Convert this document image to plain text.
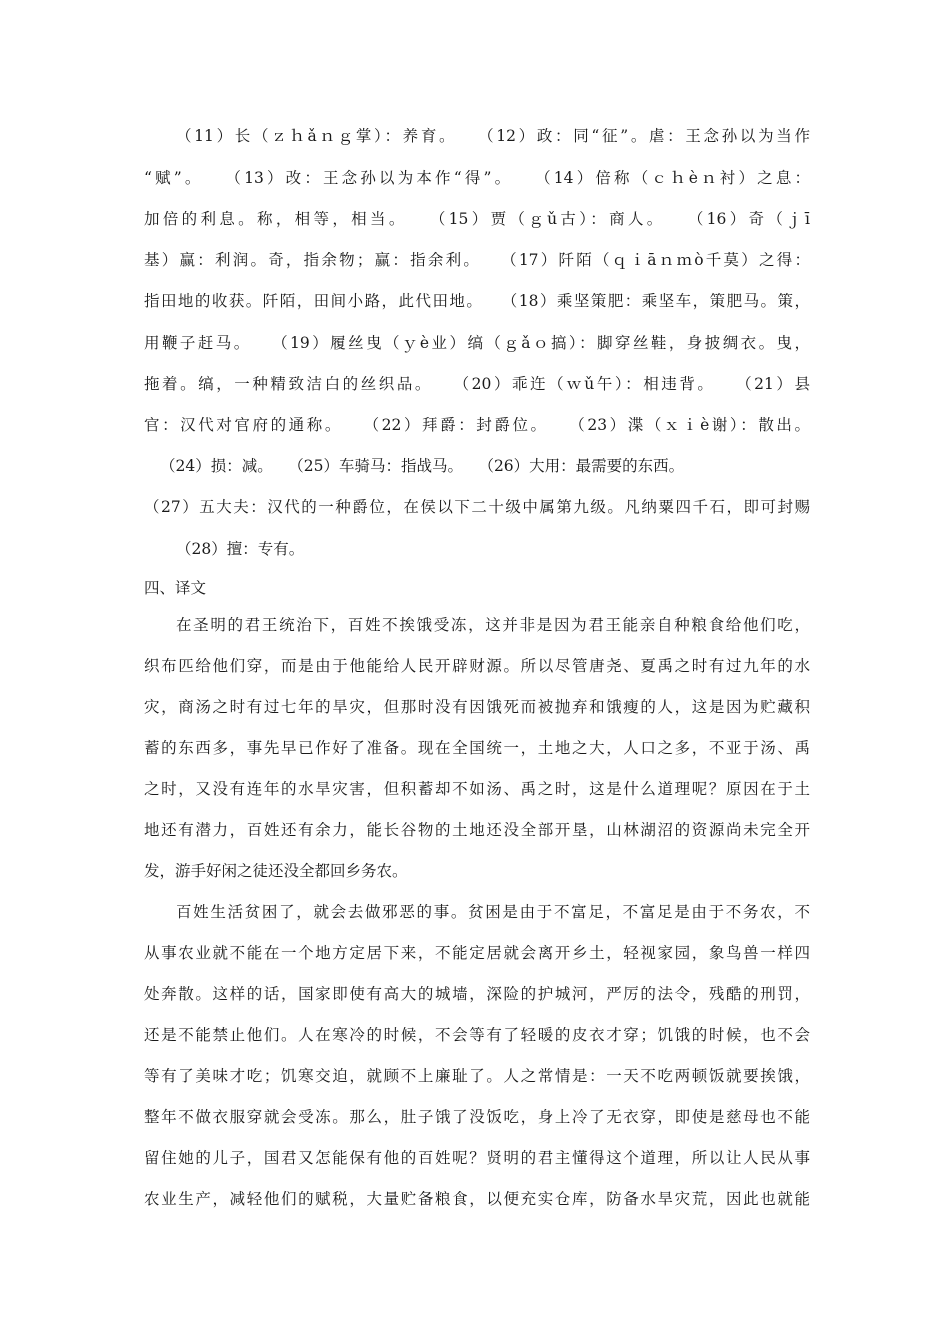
（11）长（ｚｈǎｎｇ掌）：养育。　　（12）政：同“征”。虐：王念孙以为当作
“赋”。　　（13）改：王念孙以为本作“得”。　　（14）倍称（ｃｈèｎ衬）之息：
加倍的利息。称，相等，相当。　　（15）贾（ｇǔ古）：商人。　　（16）奇（ｊī
基）赢：利润。奇，指余物；赢：指余利。　　（17）阡陌（ｑｉāｎｍò千莫）之得：
指田地的收获。阡陌，田间小路，此代田地。　　（18）乘坚策肥：乘坚车，策肥马。策，
用鞭子赶马。　　（19）履丝曳（ｙè业）缟（ｇǎｏ搞）：脚穿丝鞋，身披绸衣。曳，
拖着。缟，一种精致洁白的丝织品。　　（20）乖迕（ｗǔ午）：相违背。　　（21）县
官：汉代对官府的通称。　　（22）拜爵：封爵位。　　（23）渫（ｘｉè谢）：散出。
（24）损：减。　　（25）车骑马：指战马。　　（26）大用：最需要的东西。
（27）五大夫：汉代的一种爵位，在侯以下二十级中属第九级。凡纳粟四千石，即可封赐
（28）擅：专有。
四、译文
在圣明的君王统治下，百姓不挨饿受冻，这并非是因为君王能亲自种粮食给他们吃，
织布匹给他们穿，而是由于他能给人民开辟财源。所以尽管唐尧、夏禹之时有过九年的水
灾，商汤之时有过七年的旱灾，但那时没有因饿死而被抛弃和饿瘦的人，这是因为贮藏积
蓄的东西多，事先早已作好了准备。现在全国统一，土地之大，人口之多，不亚于汤、禹
之时，又没有连年的水旱灾害，但积蓄却不如汤、禹之时，这是什么道理呢？原因在于土
地还有潜力，百姓还有余力，能长谷物的土地还没全部开垦，山林湖沼的资源尚未完全开
发，游手好闲之徒还没全都回乡务农。
百姓生活贫困了，就会去做邪恶的事。贫困是由于不富足，不富足是由于不务农，不
从事农业就不能在一个地方定居下来，不能定居就会离开乡土，轻视家园，象鸟兽一样四
处奔散。这样的话，国家即使有高大的城墙，深险的护城河，严厉的法令，残酷的刑罚，
还是不能禁止他们。人在寒冷的时候，不会等有了轻暖的皮衣才穿；饥饿的时候，也不会
等有了美味才吃；饥寒交迫，就顾不上廉耻了。人之常情是：一天不吃两顿饭就要挨饿，
整年不做衣服穿就会受冻。那么，肚子饿了没饭吃，身上冷了无衣穿，即使是慈母也不能
留住她的儿子，国君又怎能保有他的百姓呢？贤明的君主懂得这个道理，所以让人民从事
农业生产，减轻他们的赋税，大量贮备粮食，以便充实仓库，防备水旱灾荒，因此也就能
